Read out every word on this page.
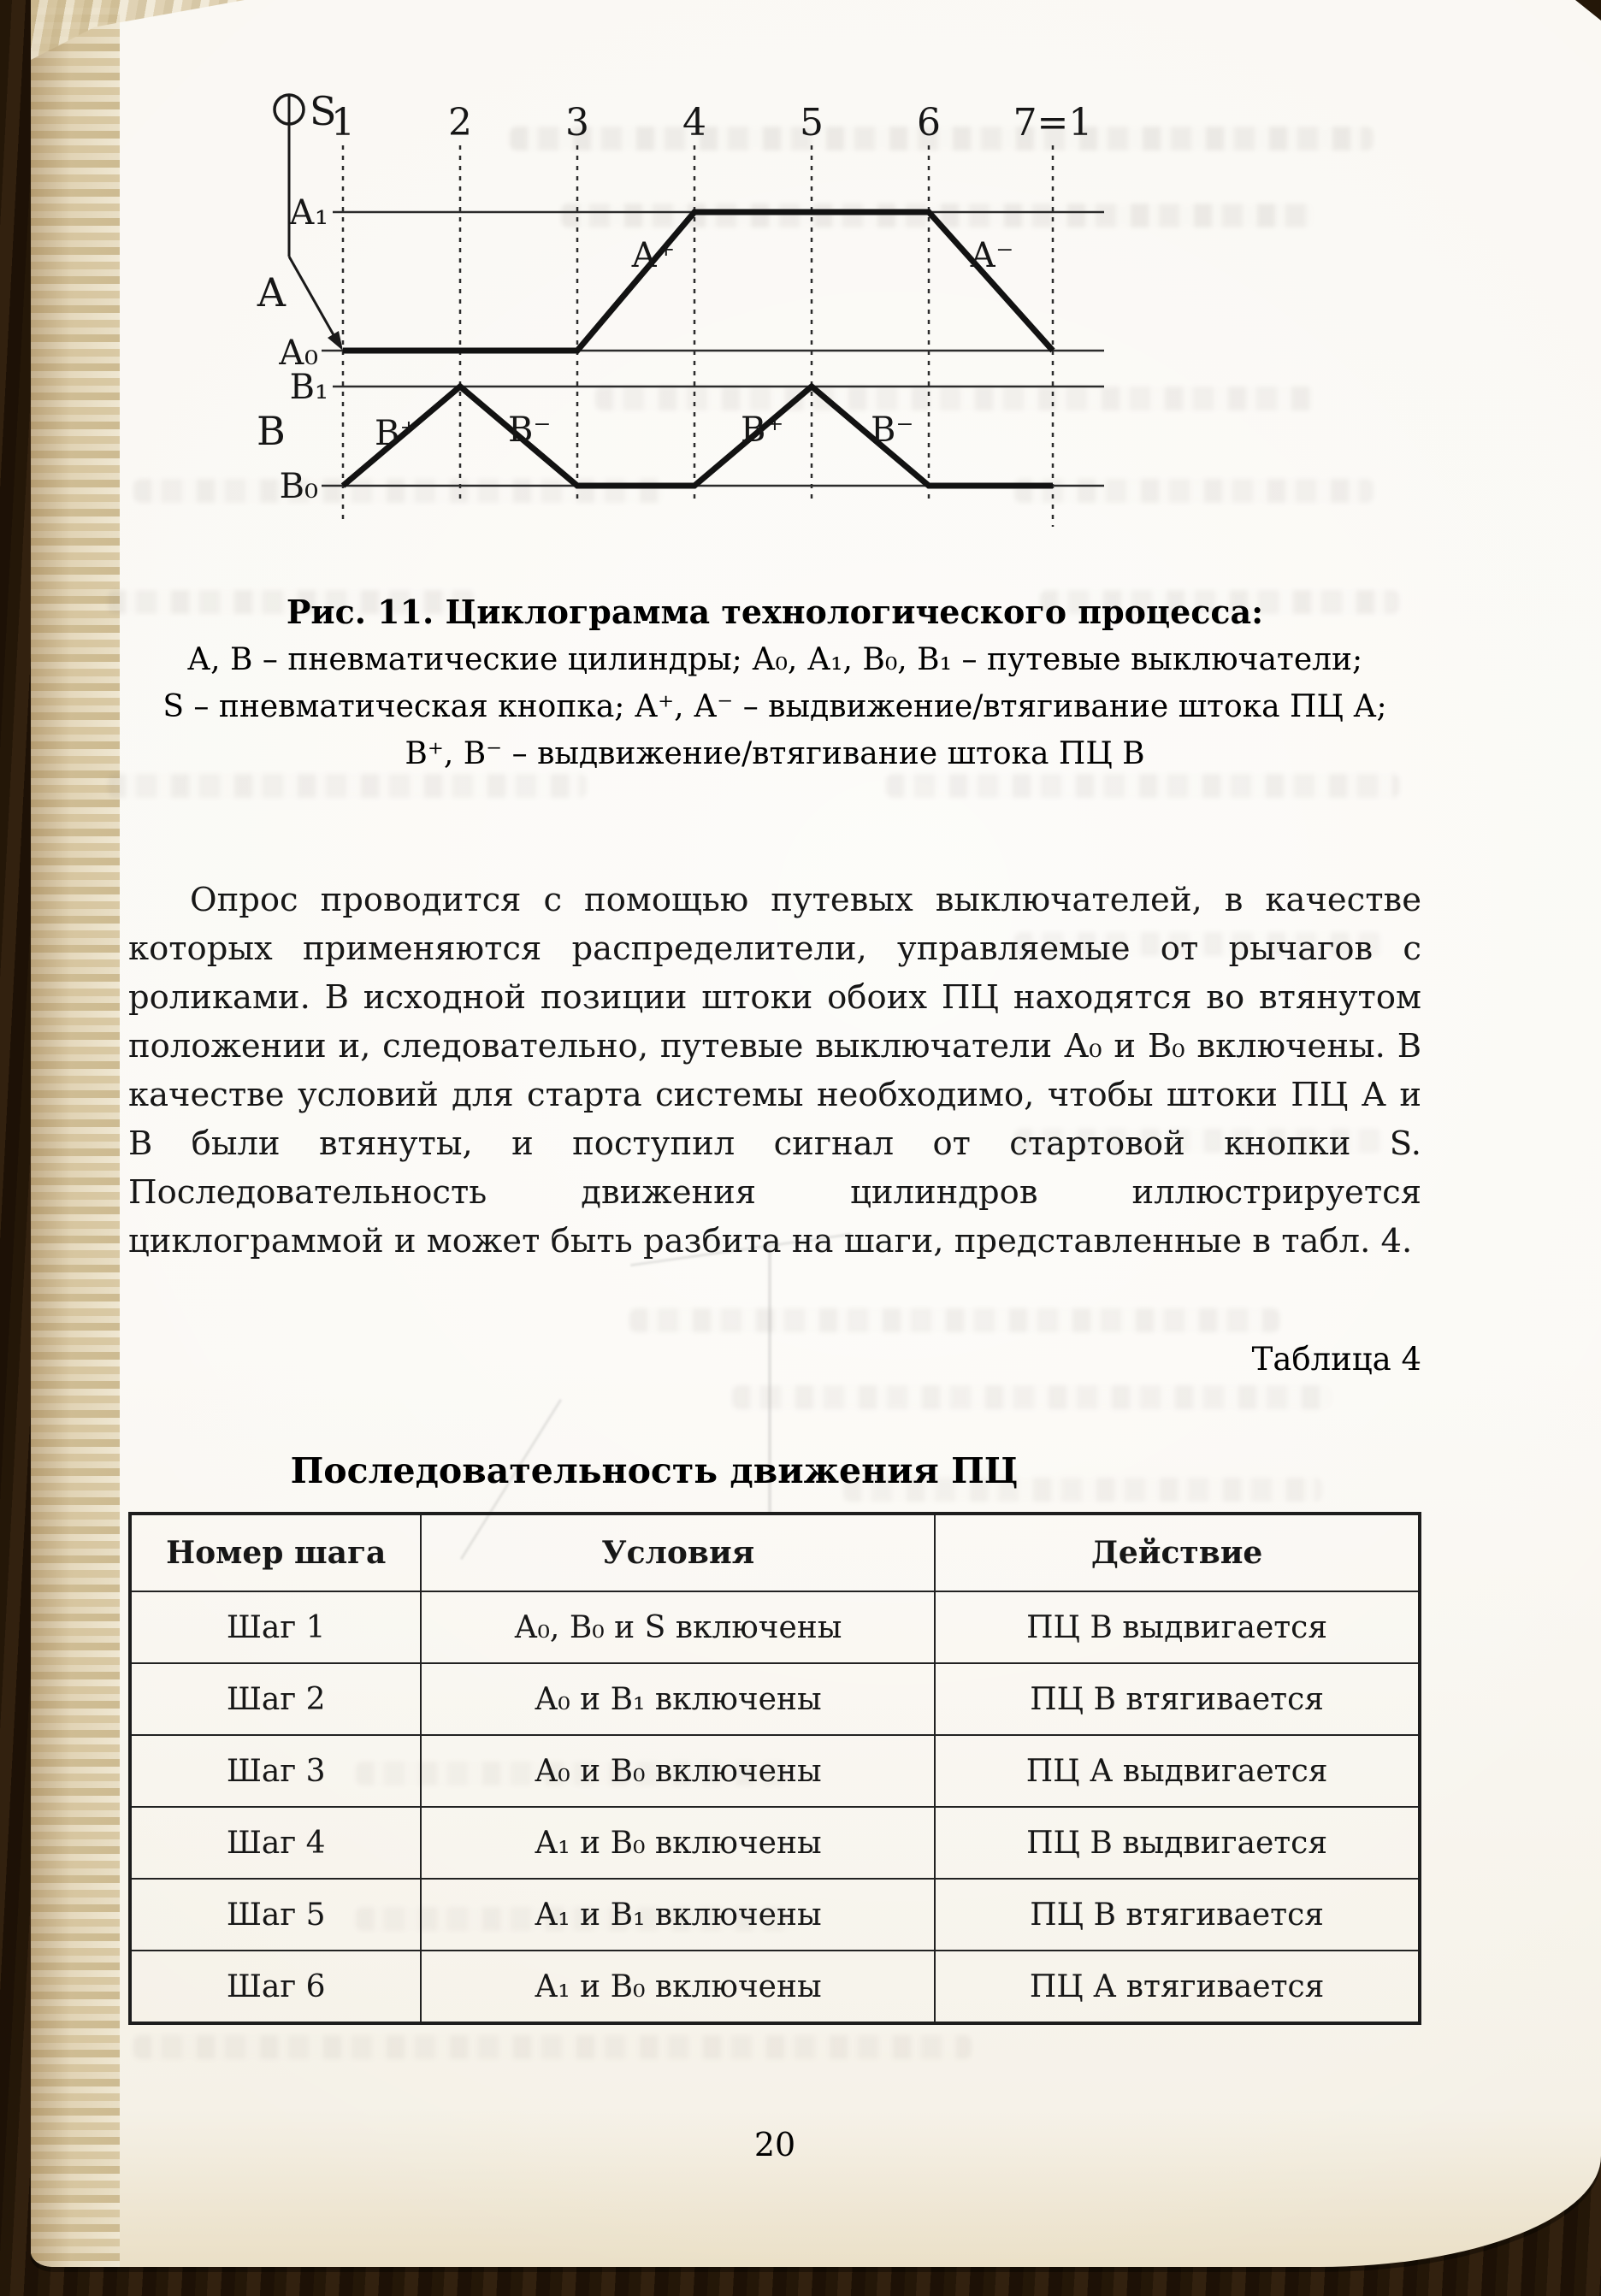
1 2 3 4 5 6 7=1
S
А₁
А₀
В₁
В₀
А
В
А⁺	А⁻
В⁺	В⁻	В⁺	В⁻
Рис. 11. Циклограмма технологического процесса:
А, В – пневматические цилиндры; А₀, А₁, В₀, В₁ – путевые выключатели;
S – пневматическая кнопка; А⁺, А⁻ – выдвижение/втягивание штока ПЦ А;
В⁺, В⁻ – выдвижение/втягивание штока ПЦ В

Опрос проводится с помощью путевых выключателей, в качестве которых применяются распределители, управляемые от рычагов с роликами. В исходной позиции штоки обоих ПЦ находятся во втянутом положении и, следовательно, путевые выключатели А₀ и В₀ включены. В качестве условий для старта системы необходимо, чтобы штоки ПЦ А и В были втянуты, и поступил сигнал от стартовой кнопки S. Последовательность движения цилиндров иллюстрируется циклограммой и может быть разбита на шаги, представленные в табл. 4.

Таблица 4
Последовательность движения ПЦ
Номер шага	Условия	Действие
Шаг 1	А₀, В₀ и S включены	ПЦ В выдвигается
Шаг 2	А₀ и В₁ включены	ПЦ В втягивается
Шаг 3	А₀ и В₀ включены	ПЦ А выдвигается
Шаг 4	А₁ и В₀ включены	ПЦ В выдвигается
Шаг 5	А₁ и В₁ включены	ПЦ В втягивается
Шаг 6	А₁ и В₀ включены	ПЦ А втягивается
20
